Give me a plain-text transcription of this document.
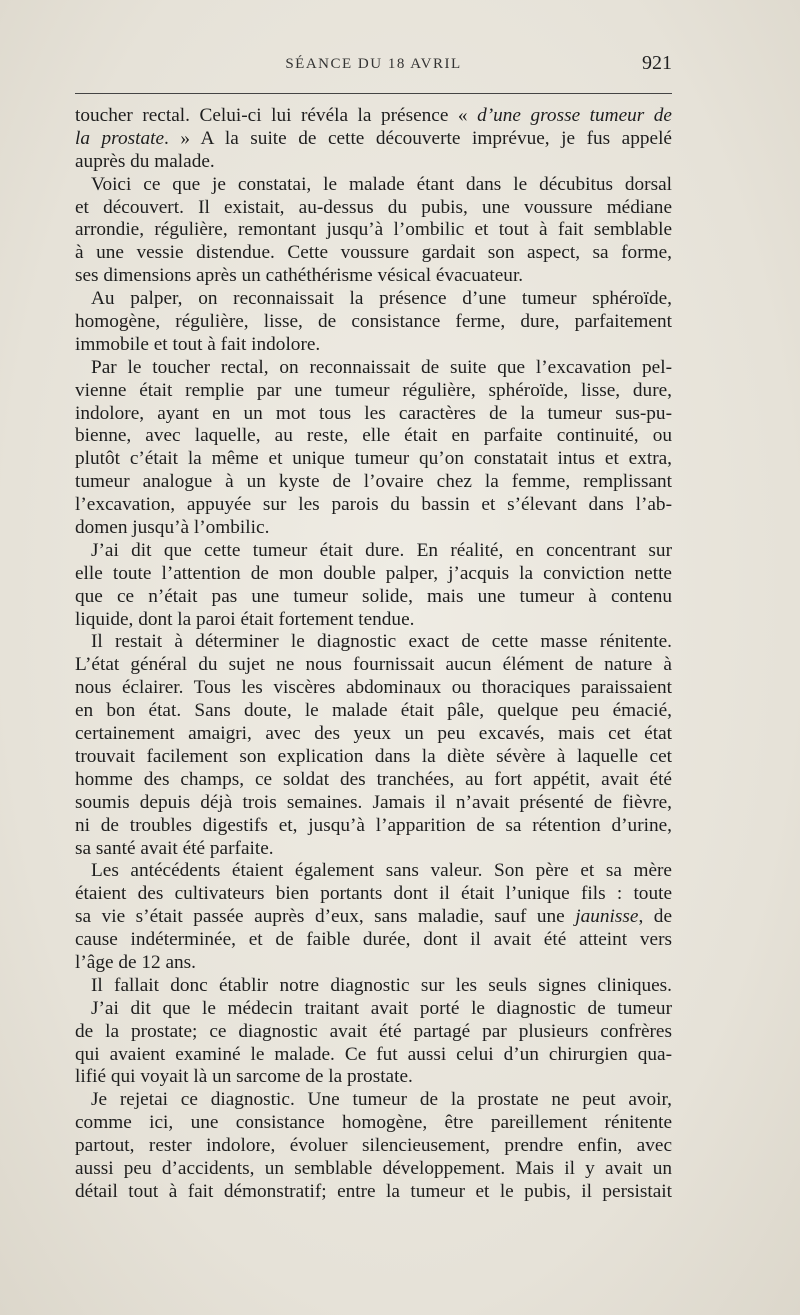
SÉANCE DU 18 AVRIL	921
toucher rectal. Celui-ci lui révéla la présence « d’une grosse tumeur de
la prostate. » A la suite de cette découverte imprévue, je fus appelé
auprès du malade.
Voici ce que je constatai, le malade étant dans le décubitus dorsal
et découvert. Il existait, au-dessus du pubis, une voussure médiane
arrondie, régulière, remontant jusqu’à l’ombilic et tout à fait semblable
à une vessie distendue. Cette voussure gardait son aspect, sa forme,
ses dimensions après un cathéthérisme vésical évacuateur.
Au palper, on reconnaissait la présence d’une tumeur sphéroïde,
homogène, régulière, lisse, de consistance ferme, dure, parfaitement
immobile et tout à fait indolore.
Par le toucher rectal, on reconnaissait de suite que l’excavation pel-
vienne était remplie par une tumeur régulière, sphéroïde, lisse, dure,
indolore, ayant en un mot tous les caractères de la tumeur sus-pu-
bienne, avec laquelle, au reste, elle était en parfaite continuité, ou
plutôt c’était la même et unique tumeur qu’on constatait intus et extra,
tumeur analogue à un kyste de l’ovaire chez la femme, remplissant
l’excavation, appuyée sur les parois du bassin et s’élevant dans l’ab-
domen jusqu’à l’ombilic.
J’ai dit que cette tumeur était dure. En réalité, en concentrant sur
elle toute l’attention de mon double palper, j’acquis la conviction nette
que ce n’était pas une tumeur solide, mais une tumeur à contenu
liquide, dont la paroi était fortement tendue.
Il restait à déterminer le diagnostic exact de cette masse rénitente.
L’état général du sujet ne nous fournissait aucun élément de nature à
nous éclairer. Tous les viscères abdominaux ou thoraciques paraissaient
en bon état. Sans doute, le malade était pâle, quelque peu émacié,
certainement amaigri, avec des yeux un peu excavés, mais cet état
trouvait facilement son explication dans la diète sévère à laquelle cet
homme des champs, ce soldat des tranchées, au fort appétit, avait été
soumis depuis déjà trois semaines. Jamais il n’avait présenté de fièvre,
ni de troubles digestifs et, jusqu’à l’apparition de sa rétention d’urine,
sa santé avait été parfaite.
Les antécédents étaient également sans valeur. Son père et sa mère
étaient des cultivateurs bien portants dont il était l’unique fils : toute
sa vie s’était passée auprès d’eux, sans maladie, sauf une jaunisse, de
cause indéterminée, et de faible durée, dont il avait été atteint vers
l’âge de 12 ans.
Il fallait donc établir notre diagnostic sur les seuls signes cliniques.
J’ai dit que le médecin traitant avait porté le diagnostic de tumeur
de la prostate; ce diagnostic avait été partagé par plusieurs confrères
qui avaient examiné le malade. Ce fut aussi celui d’un chirurgien qua-
lifié qui voyait là un sarcome de la prostate.
Je rejetai ce diagnostic. Une tumeur de la prostate ne peut avoir,
comme ici, une consistance homogène, être pareillement rénitente
partout, rester indolore, évoluer silencieusement, prendre enfin, avec
aussi peu d’accidents, un semblable développement. Mais il y avait un
détail tout à fait démonstratif; entre la tumeur et le pubis, il persistait
